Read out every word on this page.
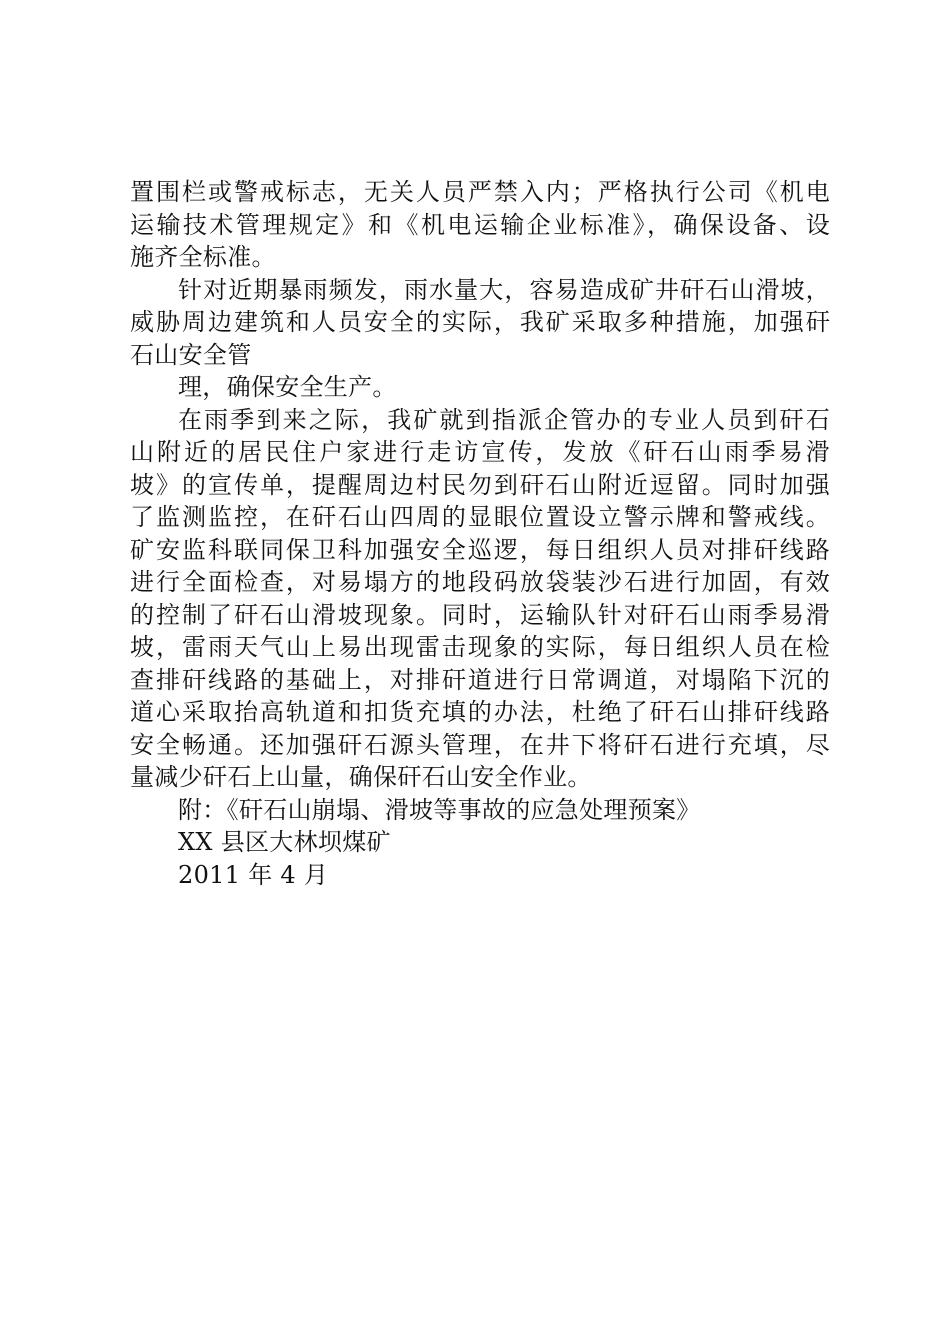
置围栏或警戒标志，无关人员严禁入内；严格执行公司《机电
运输技术管理规定》和《机电运输企业标准》，确保设备、设
施齐全标准。
针对近期暴雨频发，雨水量大，容易造成矿井矸石山滑坡，
威胁周边建筑和人员安全的实际，我矿采取多种措施，加强矸
石山安全管
理，确保安全生产。
在雨季到来之际，我矿就到指派企管办的专业人员到矸石
山附近的居民住户家进行走访宣传，发放《矸石山雨季易滑
坡》的宣传单，提醒周边村民勿到矸石山附近逗留。同时加强
了监测监控，在矸石山四周的显眼位置设立警示牌和警戒线。
矿安监科联同保卫科加强安全巡逻，每日组织人员对排矸线路
进行全面检查，对易塌方的地段码放袋装沙石进行加固，有效
的控制了矸石山滑坡现象。同时，运输队针对矸石山雨季易滑
坡，雷雨天气山上易出现雷击现象的实际，每日组织人员在检
查排矸线路的基础上，对排矸道进行日常调道，对塌陷下沉的
道心采取抬高轨道和扣货充填的办法，杜绝了矸石山排矸线路
安全畅通。还加强矸石源头管理，在井下将矸石进行充填，尽
量减少矸石上山量，确保矸石山安全作业。
附：《矸石山崩塌、滑坡等事故的应急处理预案》
XX 县区大林坝煤矿
2011 年 4 月
